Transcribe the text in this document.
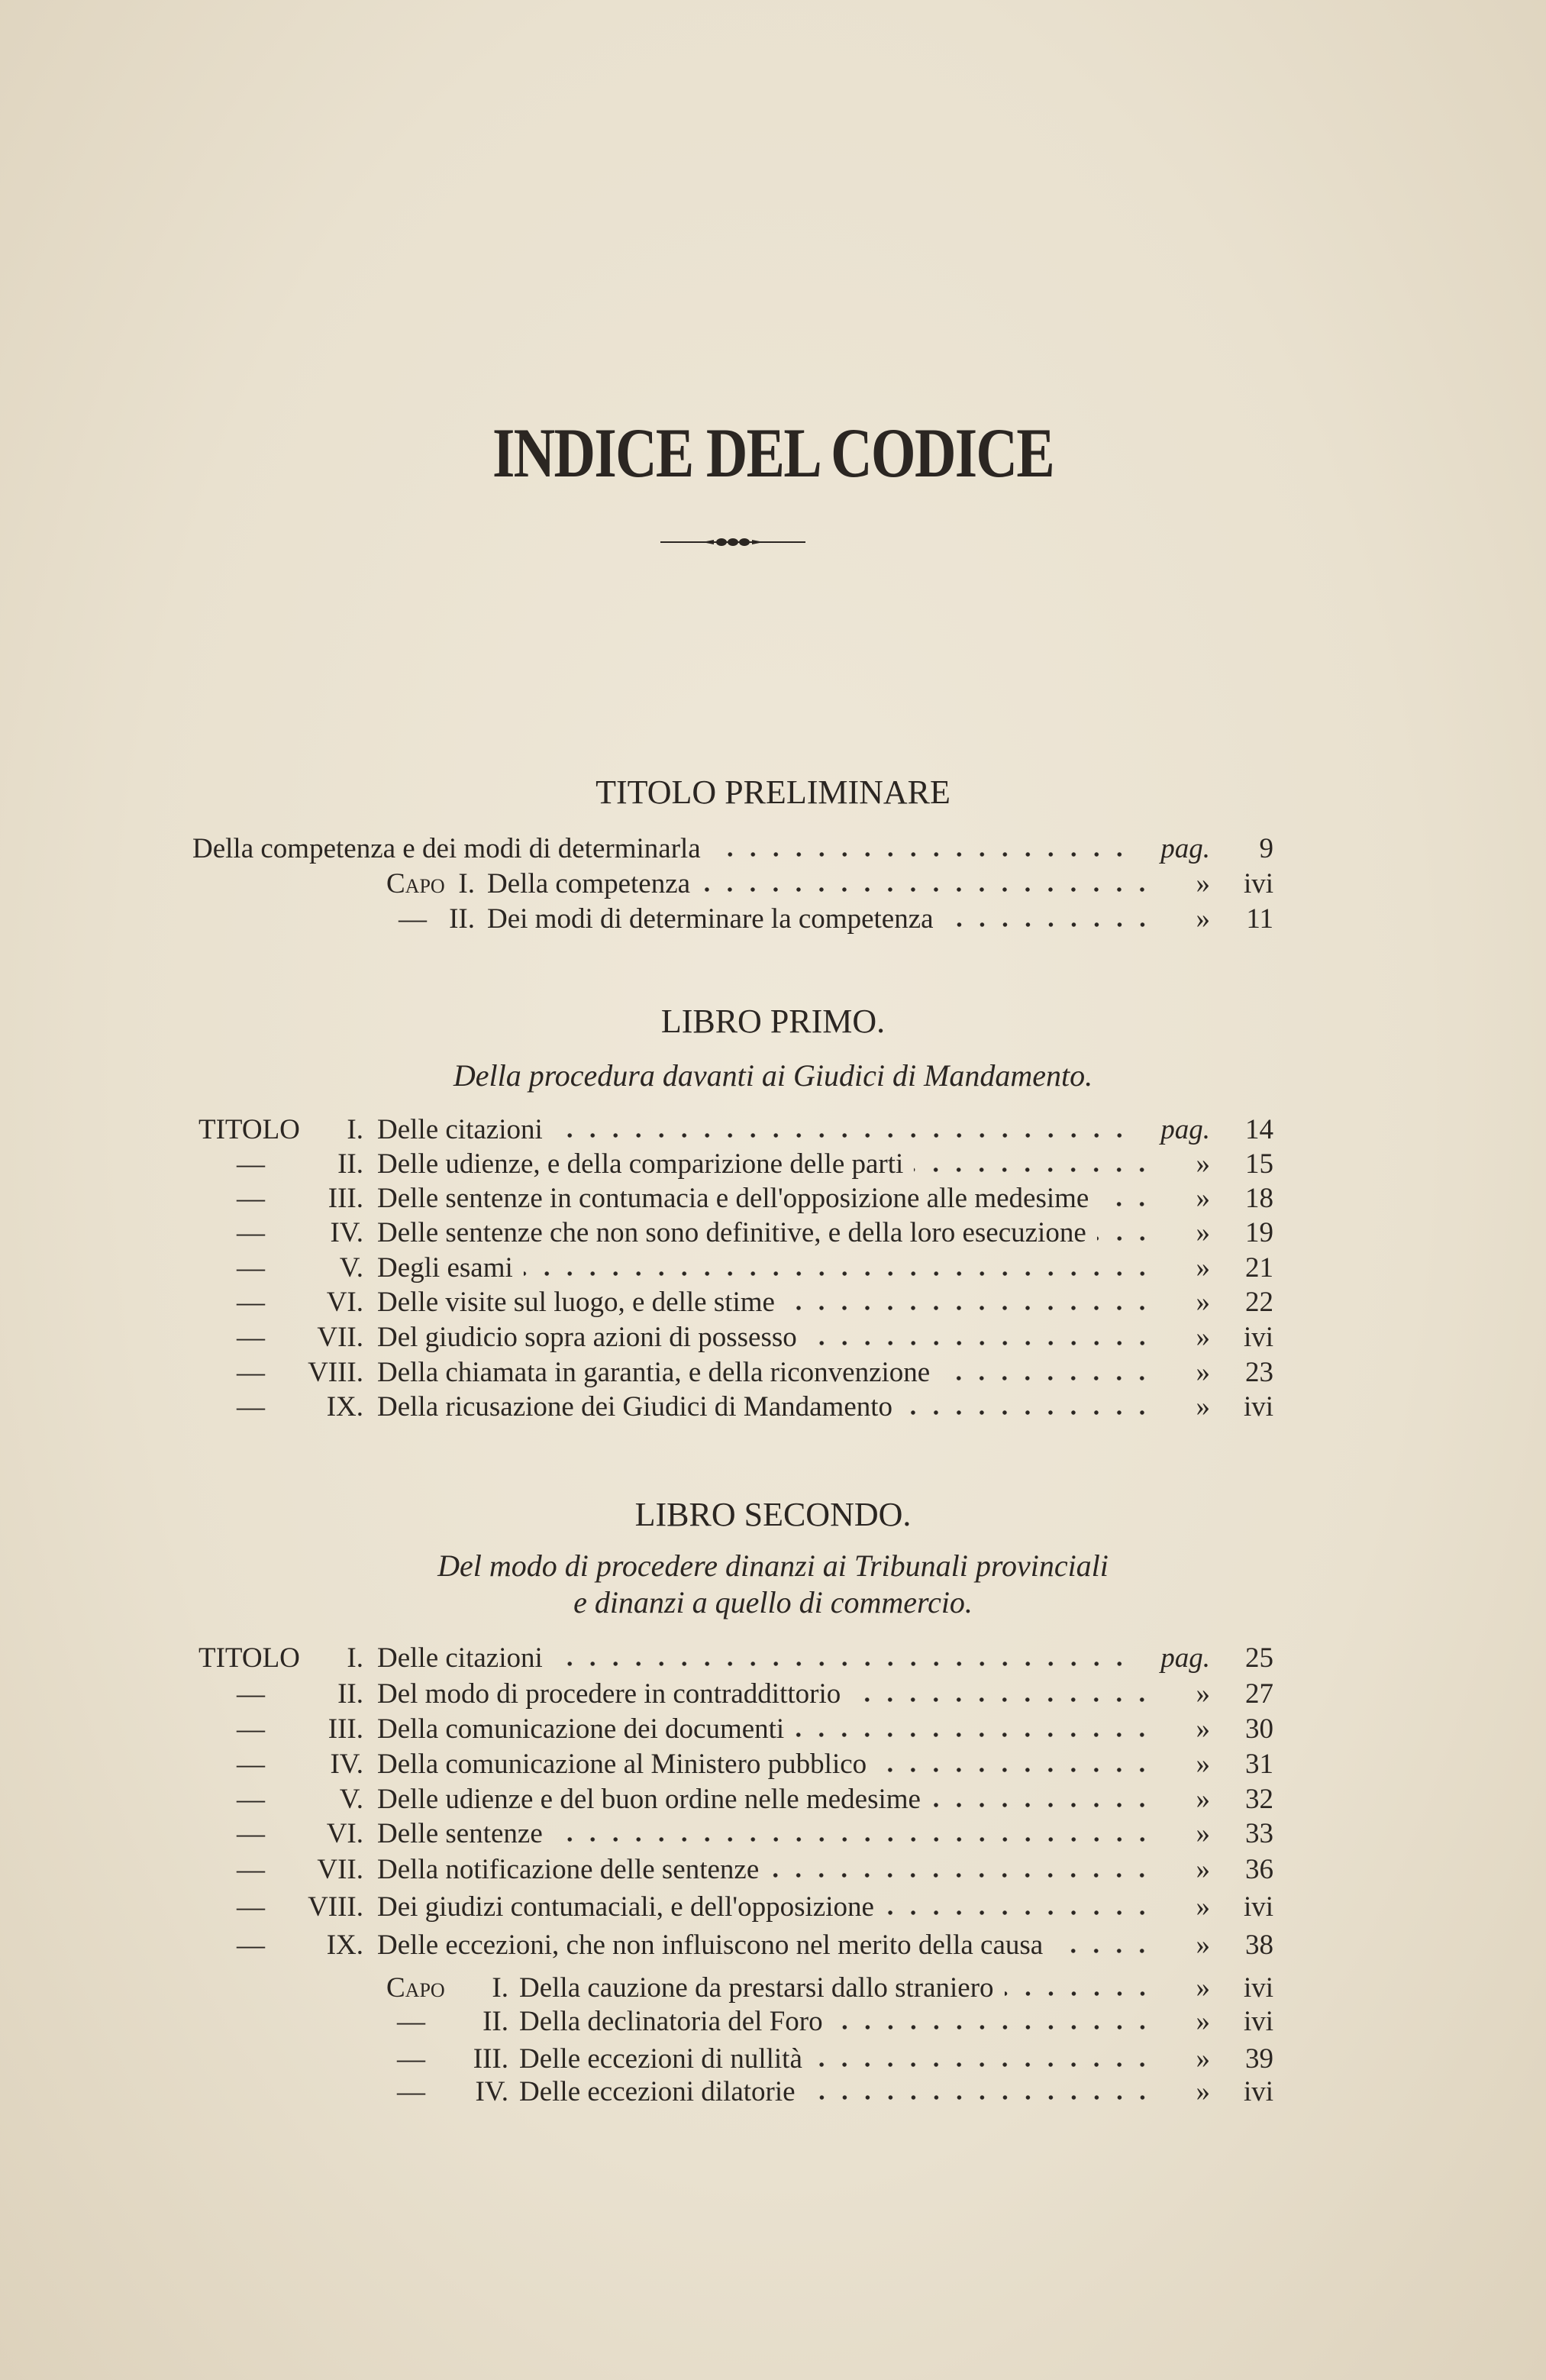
INDICE DEL CODICE
TITOLO PRELIMINARE
Della competenza e dei modi di determinarla	pag.	9
Capo I. Della competenza	»	ivi
— II. Dei modi di determinare la competenza	»	11
LIBRO PRIMO.
Della procedura davanti ai Giudici di Mandamento.
TITOLO	I. Delle citazioni	pag.	14
—	II. Delle udienze, e della comparizione delle parti	»	15
—	III. Delle sentenze in contumacia e dell'opposizione alle medesime	»	18
—	IV. Delle sentenze che non sono definitive, e della loro esecuzione	»	19
—	V. Degli esami	»	21
—	VI. Delle visite sul luogo, e delle stime	»	22
—	VII. Del giudicio sopra azioni di possesso	»	ivi
—	VIII. Della chiamata in garantia, e della riconvenzione	»	23
—	IX. Della ricusazione dei Giudici di Mandamento	»	ivi
LIBRO SECONDO.
Del modo di procedere dinanzi ai Tribunali provinciali
e dinanzi a quello di commercio.
TITOLO	I. Delle citazioni	pag.	25
—	II. Del modo di procedere in contraddittorio	»	27
—	III. Della comunicazione dei documenti	»	30
—	IV. Della comunicazione al Ministero pubblico	»	31
—	V. Delle udienze e del buon ordine nelle medesime	»	32
—	VI. Delle sentenze	»	33
—	VII. Della notificazione delle sentenze	»	36
—	VIII. Dei giudizi contumaciali, e dell'opposizione	»	ivi
—	IX. Delle eccezioni, che non influiscono nel merito della causa	»	38
Capo	I. Della cauzione da prestarsi dallo straniero	»	ivi
—	II. Della declinatoria del Foro	»	ivi
—	III. Delle eccezioni di nullità	»	39
—	IV. Delle eccezioni dilatorie	»	ivi
